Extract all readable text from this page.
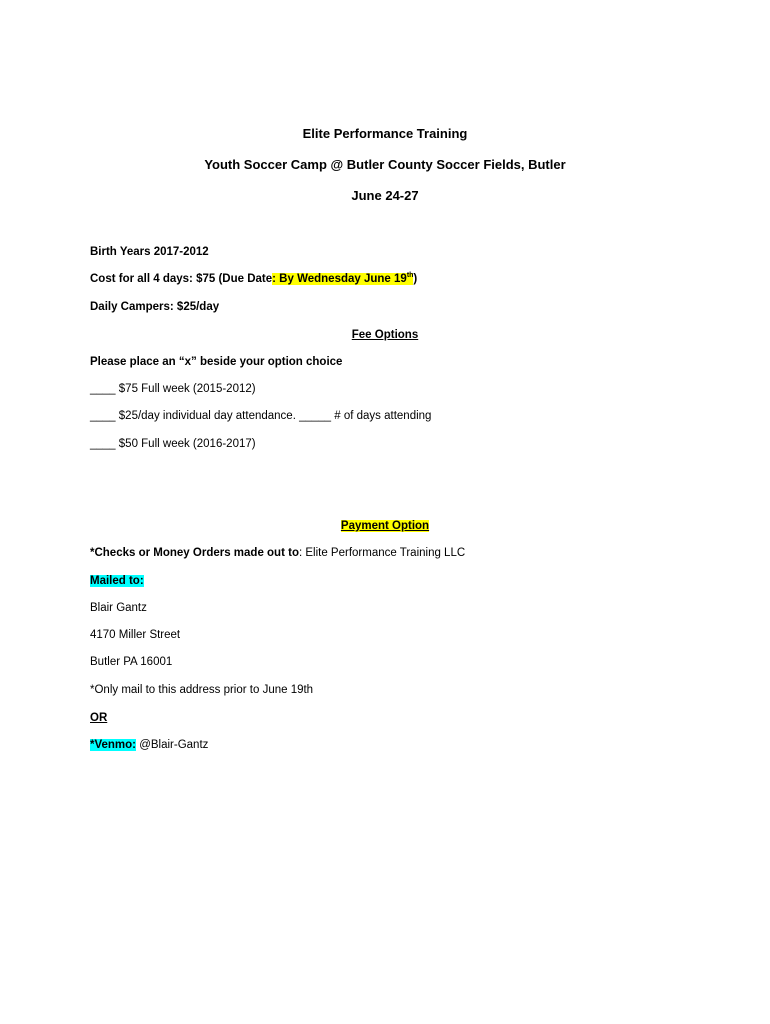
Elite Performance Training
Youth Soccer Camp @ Butler County Soccer Fields, Butler
June 24-27
Birth Years 2017-2012
Cost for all 4 days: $75 (Due Date: By Wednesday June 19th)
Daily Campers: $25/day
Fee Options
Please place an “x” beside your option choice
____ $75 Full week (2015-2012)
____ $25/day individual day attendance. _____ # of days attending
____ $50 Full week (2016-2017)
Payment Option
*Checks or Money Orders made out to: Elite Performance Training LLC
Mailed to:
Blair Gantz
4170 Miller Street
Butler PA 16001
*Only mail to this address prior to June 19th
OR
*Venmo: @Blair-Gantz
